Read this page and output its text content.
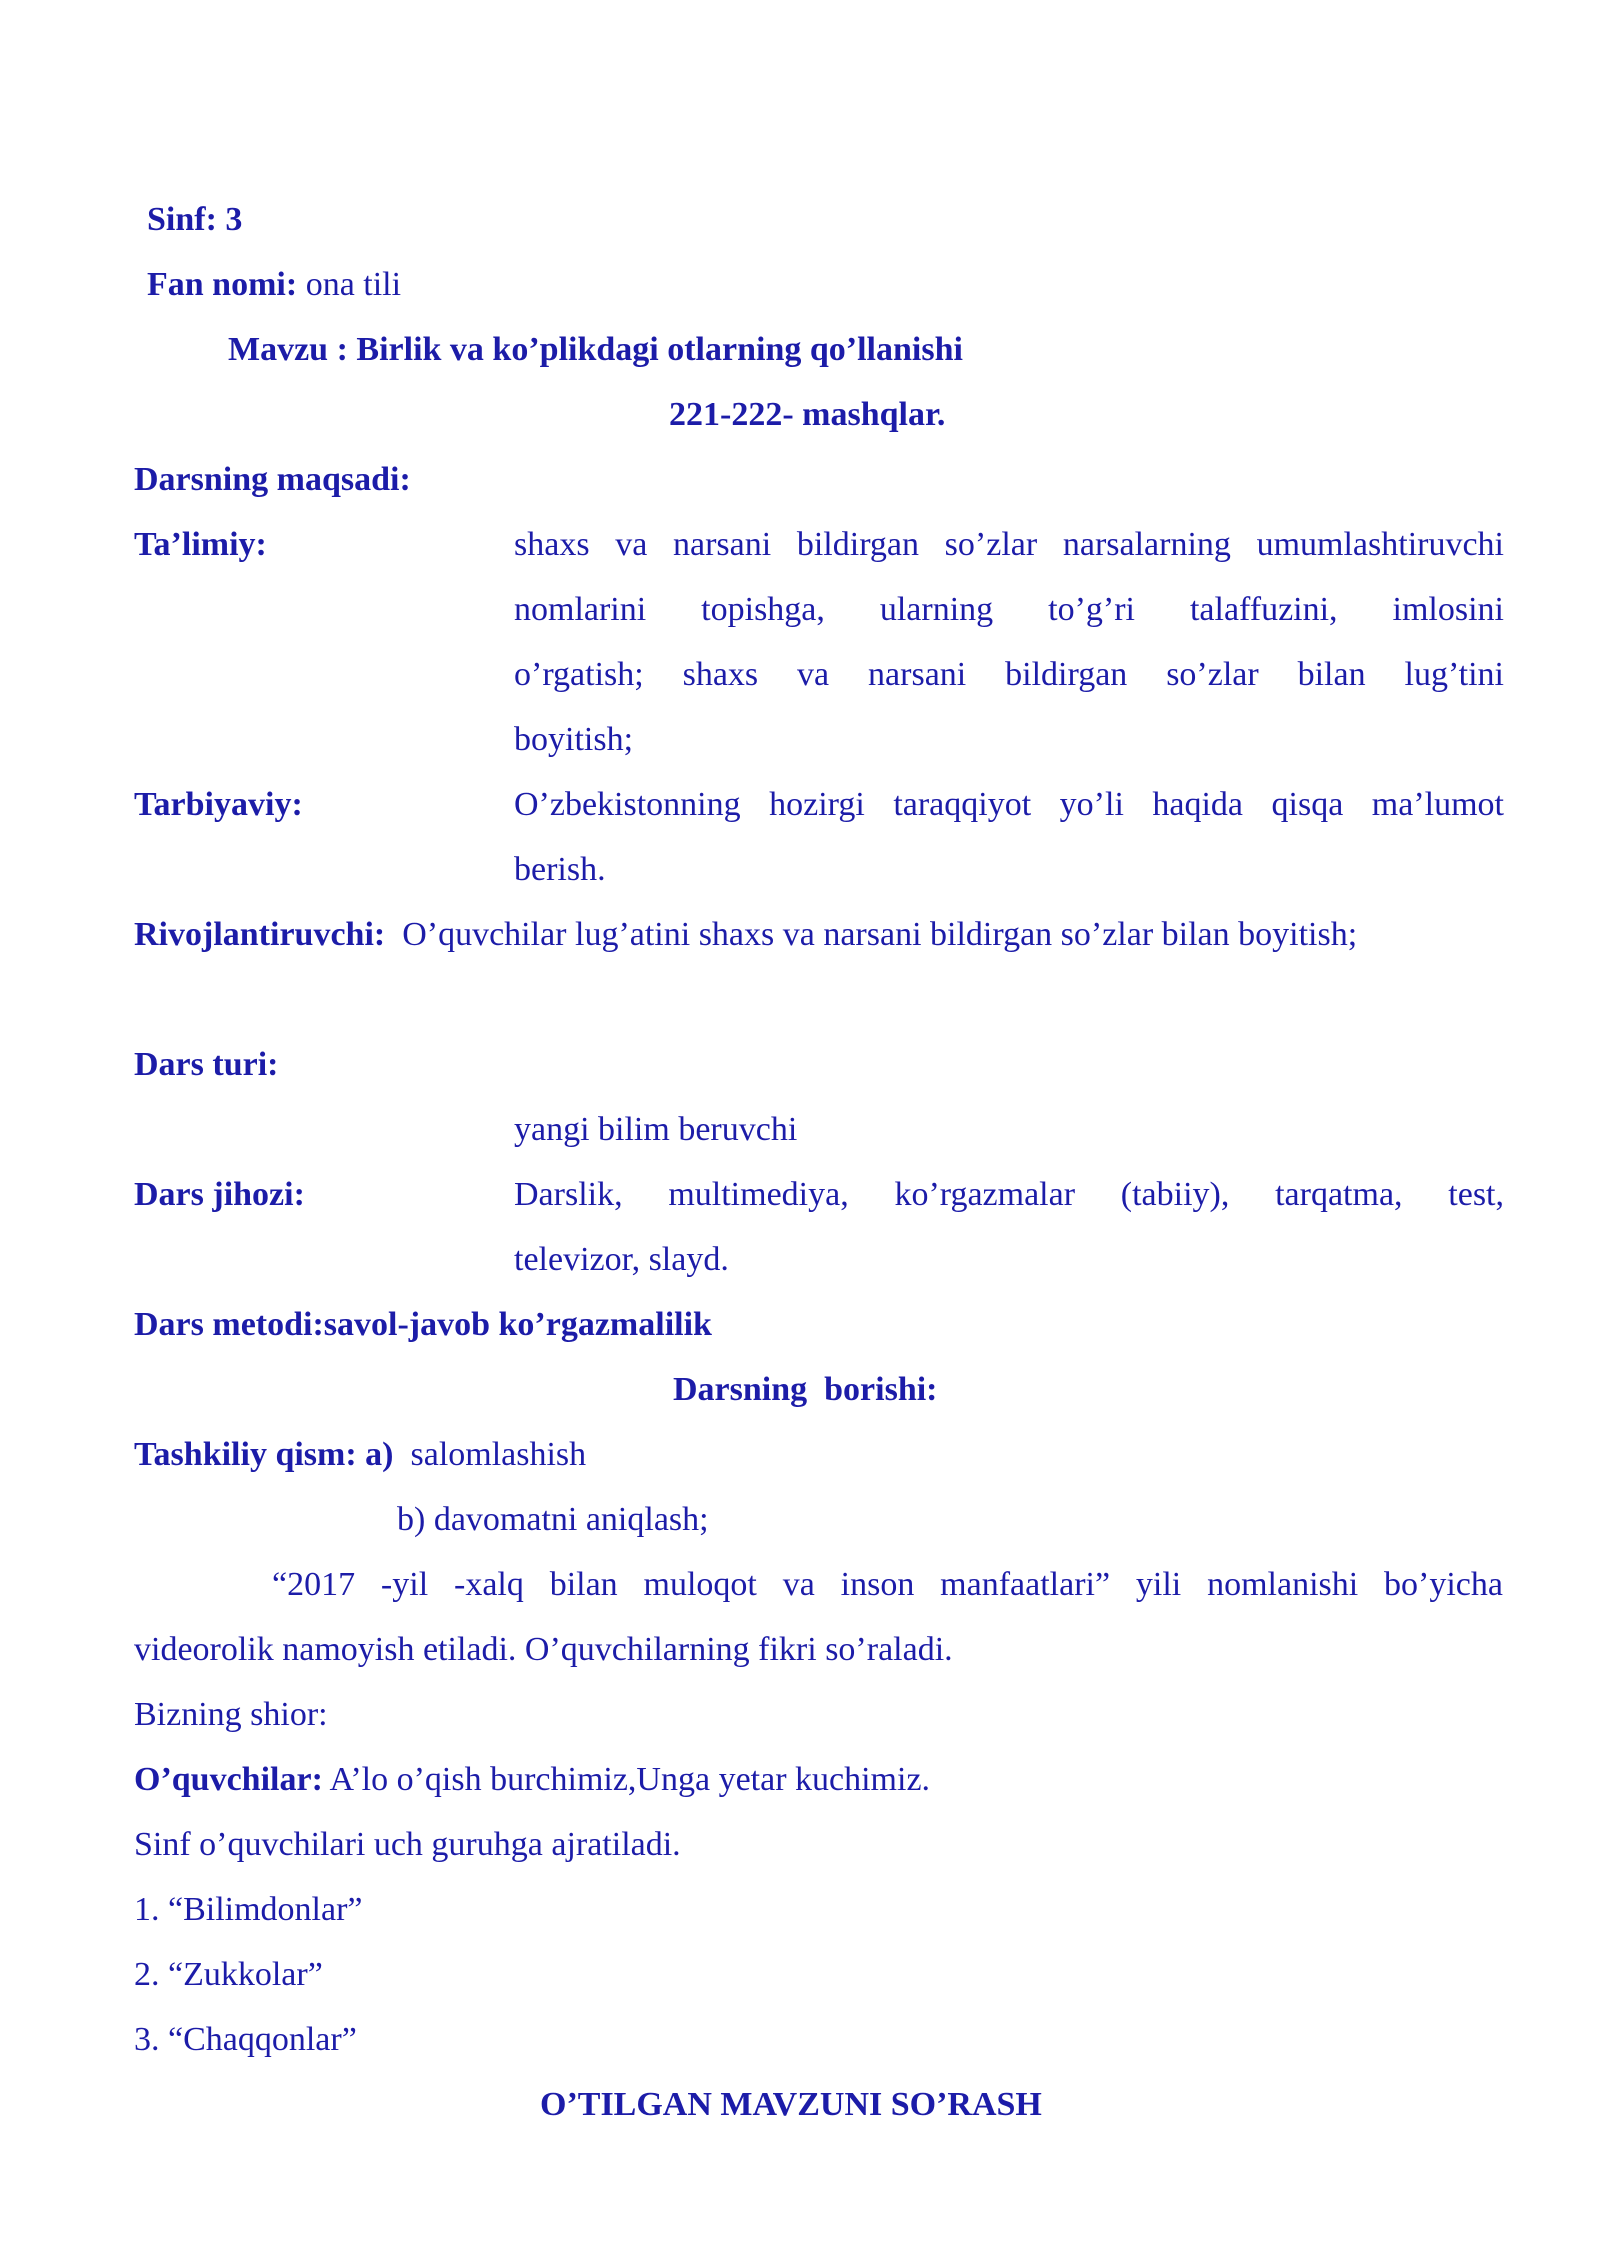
Sinf: 3
Fan nomi: ona tili
Mavzu : Birlik va ko’plikdagi otlarning qo’llanishi
221-222- mashqlar.
Darsning maqsadi:
Ta’limiy:	shaxs va narsani bildirgan so’zlar narsalarning umumlashtiruvchi
nomlarini topishga, ularning to’g’ri talaffuzini, imlosini
o’rgatish; shaxs va narsani bildirgan so’zlar bilan lug’tini
boyitish;
Tarbiyaviy:	O’zbekistonning hozirgi taraqqiyot yo’li haqida qisqa ma’lumot
berish.
Rivojlantiruvchi: O’quvchilar lug’atini shaxs va narsani bildirgan so’zlar bilan boyitish;
Dars turi:
yangi bilim beruvchi
Dars jihozi:	Darslik, multimediya, ko’rgazmalar (tabiiy), tarqatma, test,
televizor, slayd.
Dars metodi:savol-javob ko’rgazmalilik
Darsning  borishi:
Tashkiliy qism: a) salomlashish
b) davomatni aniqlash;
“2017 -yil -xalq bilan muloqot va inson manfaatlari” yili nomlanishi bo’yicha
videorolik namoyish etiladi. O’quvchilarning fikri so’raladi.
Bizning shior:
O’quvchilar: A’lo o’qish burchimiz,Unga yetar kuchimiz.
Sinf o’quvchilari uch guruhga ajratiladi.
1. “Bilimdonlar”
2. “Zukkolar”
3. “Chaqqonlar”
O’TILGAN MAVZUNI SO’RASH
